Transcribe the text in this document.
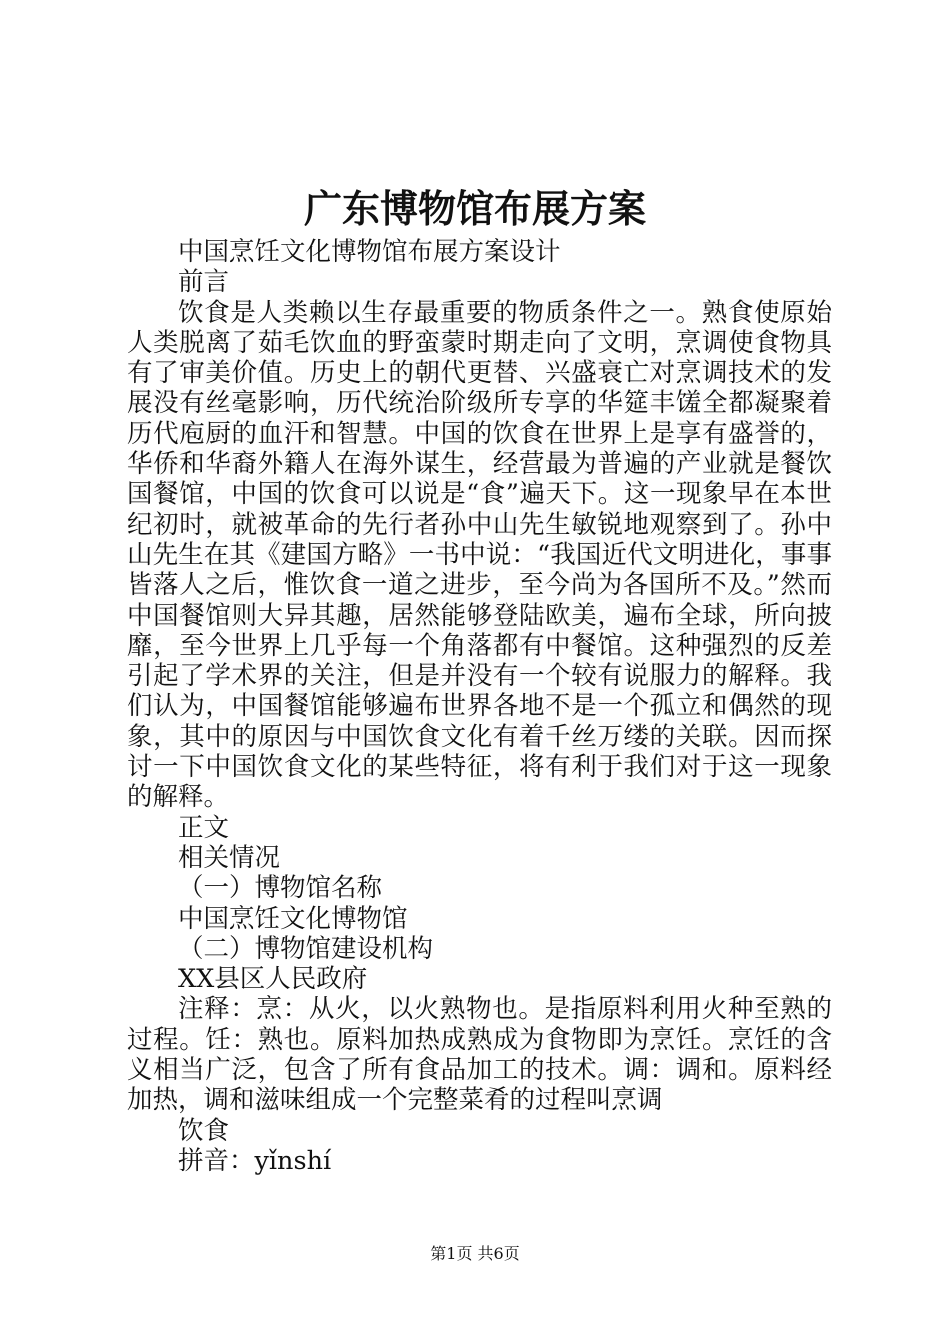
广东博物馆布展方案

中国烹饪文化博物馆布展方案设计

前言

饮食是人类赖以生存最重要的物质条件之一。熟食使原始人类脱离了茹毛饮血的野蛮蒙时期走向了文明，烹调使食物具有了审美价值。历史上的朝代更替、兴盛衰亡对烹调技术的发展没有丝毫影响，历代统治阶级所专享的华筵丰馐全都凝聚着历代庖厨的血汗和智慧。中国的饮食在世界上是享有盛誉的，华侨和华裔外籍人在海外谋生，经营最为普遍的产业就是餐饮国餐馆，中国的饮食可以说是“食”遍天下。这一现象早在本世纪初时，就被革命的先行者孙中山先生敏锐地观察到了。孙中山先生在其《建国方略》一书中说：“我国近代文明进化，事事皆落人之后，惟饮食一道之进步，至今尚为各国所不及。”然而中国餐馆则大异其趣，居然能够登陆欧美，遍布全球，所向披靡，至今世界上几乎每一个角落都有中餐馆。这种强烈的反差引起了学术界的关注，但是并没有一个较有说服力的解释。我们认为，中国餐馆能够遍布世界各地不是一个孤立和偶然的现象，其中的原因与中国饮食文化有着千丝万缕的关联。因而探讨一下中国饮食文化的某些特征，将有利于我们对于这一现象的解释。

正文

相关情况

（一）博物馆名称

中国烹饪文化博物馆

（二）博物馆建设机构

XX县区人民政府

注释：烹：从火，以火熟物也。是指原料利用火种至熟的过程。饪：熟也。原料加热成熟成为食物即为烹饪。烹饪的含义相当广泛，包含了所有食品加工的技术。调：调和。原料经加热，调和滋味组成一个完整菜肴的过程叫烹调

饮食

拼音：yǐnshí

第1页 共6页
